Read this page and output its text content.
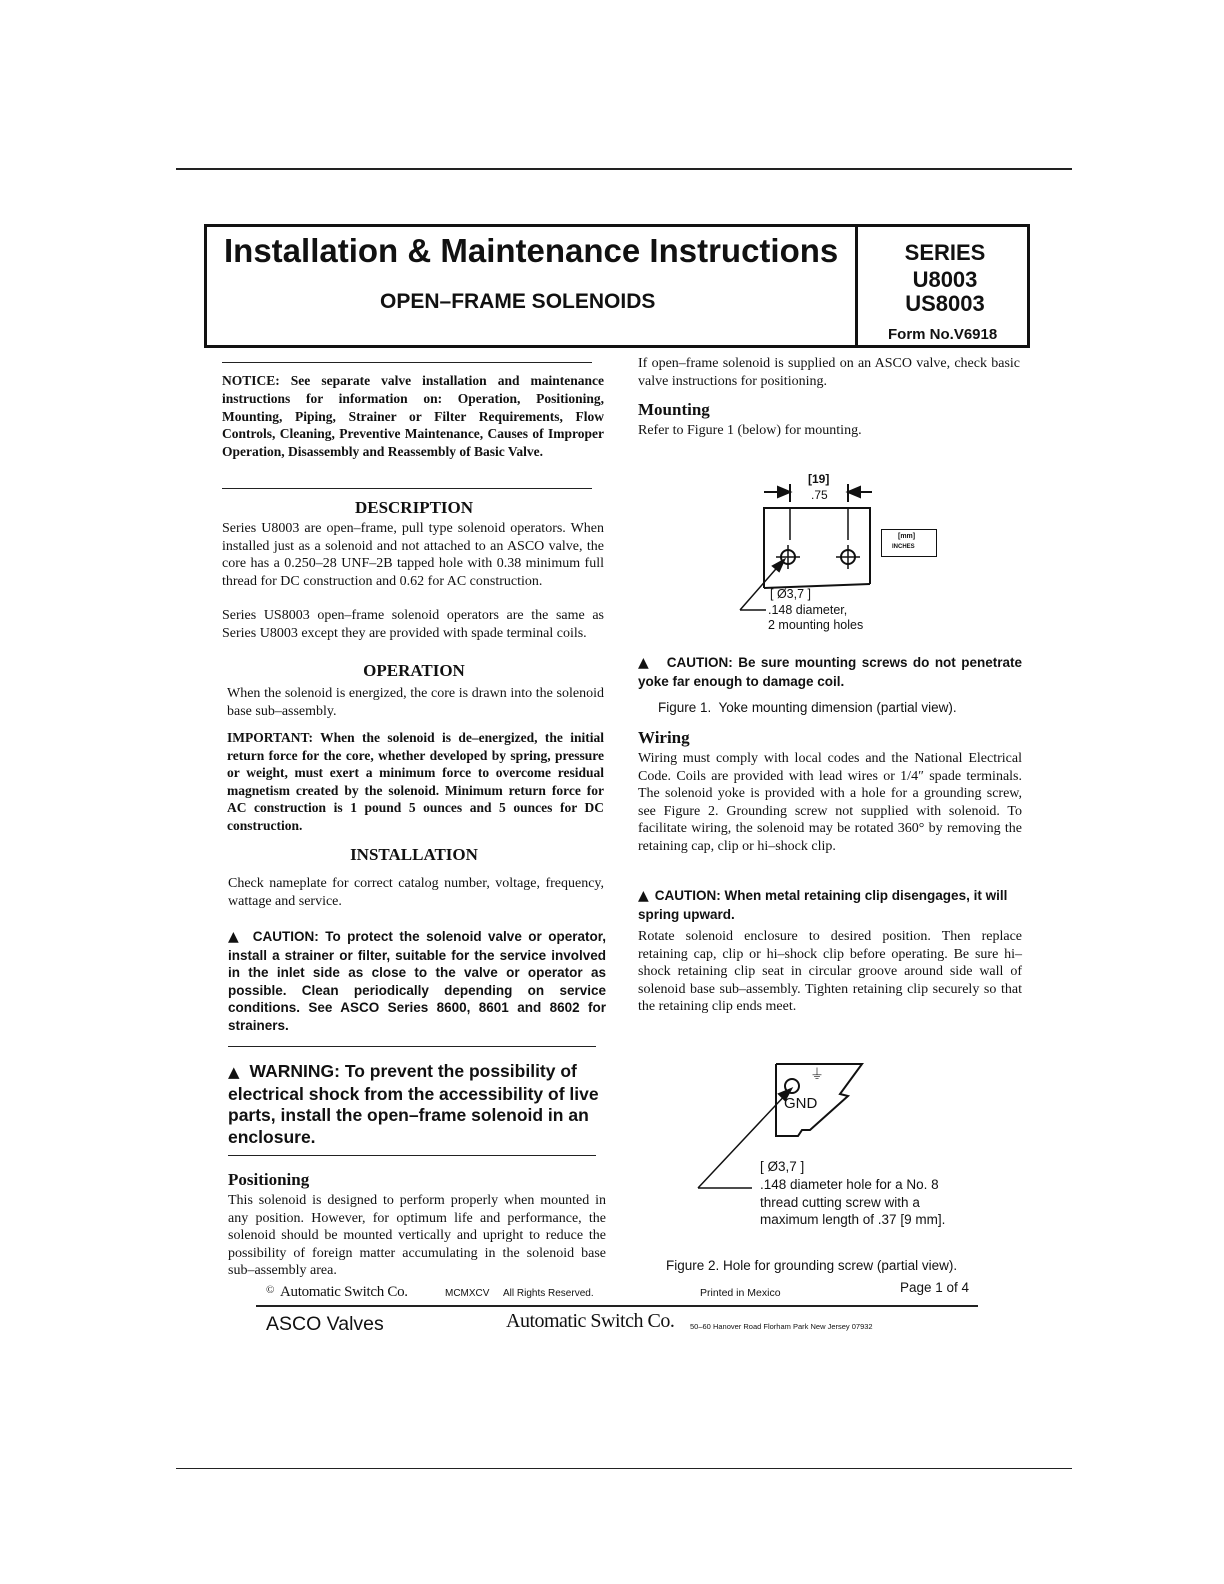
Installation & Maintenance Instructions
OPEN–FRAME SOLENOIDS
SERIES
U8003
US8003
Form No.V6918
NOTICE: See separate valve installation and maintenance instructions for information on: Operation, Positioning, Mounting, Piping, Strainer or Filter Requirements, Flow Controls, Cleaning, Preventive Maintenance, Causes of Improper Operation, Disassembly and Reassembly of Basic Valve.
DESCRIPTION
Series U8003 are open–frame, pull type solenoid operators. When installed just as a solenoid and not attached to an ASCO valve, the core has a 0.250–28 UNF–2B tapped hole with 0.38 minimum full thread for DC construction and 0.62 for AC construction.
Series US8003 open–frame solenoid operators are the same as Series U8003 except they are provided with spade terminal coils.
OPERATION
When the solenoid is energized, the core is drawn into the solenoid base sub–assembly.
IMPORTANT: When the solenoid is de–energized, the initial return force for the core, whether developed by spring, pressure or weight, must exert a minimum force to overcome residual magnetism created by the solenoid. Minimum return force for AC construction is 1 pound 5 ounces and 5 ounces for DC construction.
INSTALLATION
Check nameplate for correct catalog number, voltage, frequency, wattage and service.
▲ CAUTION: To protect the solenoid valve or operator, install a strainer or filter, suitable for the service involved in the inlet side as close to the valve or operator as possible. Clean periodically depending on service conditions. See ASCO Series 8600, 8601 and 8602 for strainers.
▲ WARNING: To prevent the possibility of electrical shock from the accessibility of live parts, install the open–frame solenoid in an enclosure.
Positioning
This solenoid is designed to perform properly when mounted in any position. However, for optimum life and performance, the solenoid should be mounted vertically and upright to reduce the possibility of foreign matter accumulating in the solenoid base sub–assembly area.
If open–frame solenoid is supplied on an ASCO valve, check basic valve instructions for positioning.
Mounting
Refer to Figure 1 (below) for mounting.
[19]
.75
[mm]
INCHES
[ Ø3,7 ]
.148 diameter,
2 mounting holes
▲ CAUTION: Be sure mounting screws do not penetrate yoke far enough to damage coil.
Figure 1.  Yoke mounting dimension (partial view).
Wiring
Wiring must comply with local codes and the National Electrical Code. Coils are provided with lead wires or 1/4″ spade terminals. The solenoid yoke is provided with a hole for a grounding screw, see Figure 2. Grounding screw not supplied with solenoid. To facilitate wiring, the solenoid may be rotated 360° by removing the retaining cap, clip or hi–shock clip.
▲ CAUTION: When metal retaining clip disengages, it will spring upward.
Rotate solenoid enclosure to desired position. Then replace retaining cap, clip or hi–shock clip before operating. Be sure hi–shock retaining clip seat in circular groove around side wall of solenoid base sub–assembly. Tighten retaining clip securely so that the retaining clip ends meet.
⏚
GND
[ Ø3,7 ]
.148 diameter hole for a No. 8
thread cutting screw with a
maximum length of .37 [9 mm].
Figure 2. Hole for grounding screw (partial view).
© Automatic Switch Co.	MCMXCV All Rights Reserved.	Printed in Mexico	Page 1 of 4
ASCO Valves	Automatic Switch Co. 50–60 Hanover Road Florham Park New Jersey 07932
